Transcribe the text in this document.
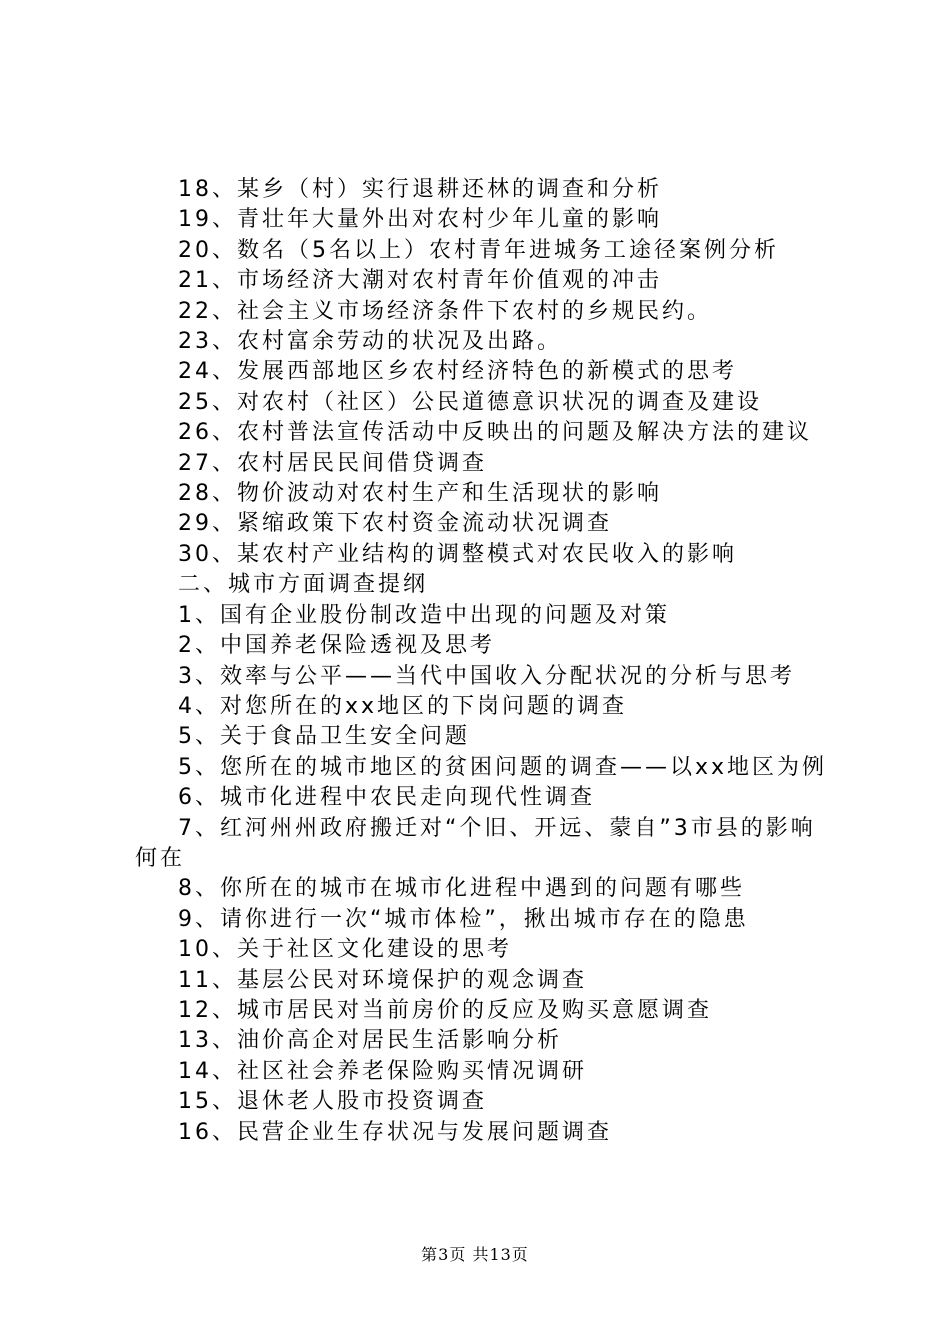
18、某乡（村）实行退耕还林的调查和分析
19、青壮年大量外出对农村少年儿童的影响
20、数名（5名以上）农村青年进城务工途径案例分析
21、市场经济大潮对农村青年价值观的冲击
22、社会主义市场经济条件下农村的乡规民约。
23、农村富余劳动的状况及出路。
24、发展西部地区乡农村经济特色的新模式的思考
25、对农村（社区）公民道德意识状况的调查及建设
26、农村普法宣传活动中反映出的问题及解决方法的建议
27、农村居民民间借贷调查
28、物价波动对农村生产和生活现状的影响
29、紧缩政策下农村资金流动状况调查
30、某农村产业结构的调整模式对农民收入的影响
二、城市方面调查提纲
1、国有企业股份制改造中出现的问题及对策
2、中国养老保险透视及思考
3、效率与公平——当代中国收入分配状况的分析与思考
4、对您所在的xx地区的下岗问题的调查
5、关于食品卫生安全问题
5、您所在的城市地区的贫困问题的调查——以xx地区为例
6、城市化进程中农民走向现代性调查
7、红河州州政府搬迁对“个旧、开远、蒙自”3市县的影响何在
8、你所在的城市在城市化进程中遇到的问题有哪些
9、请你进行一次“城市体检”，揪出城市存在的隐患
10、关于社区文化建设的思考
11、基层公民对环境保护的观念调查
12、城市居民对当前房价的反应及购买意愿调查
13、油价高企对居民生活影响分析
14、社区社会养老保险购买情况调研
15、退休老人股市投资调查
16、民营企业生存状况与发展问题调查
第3页 共13页
